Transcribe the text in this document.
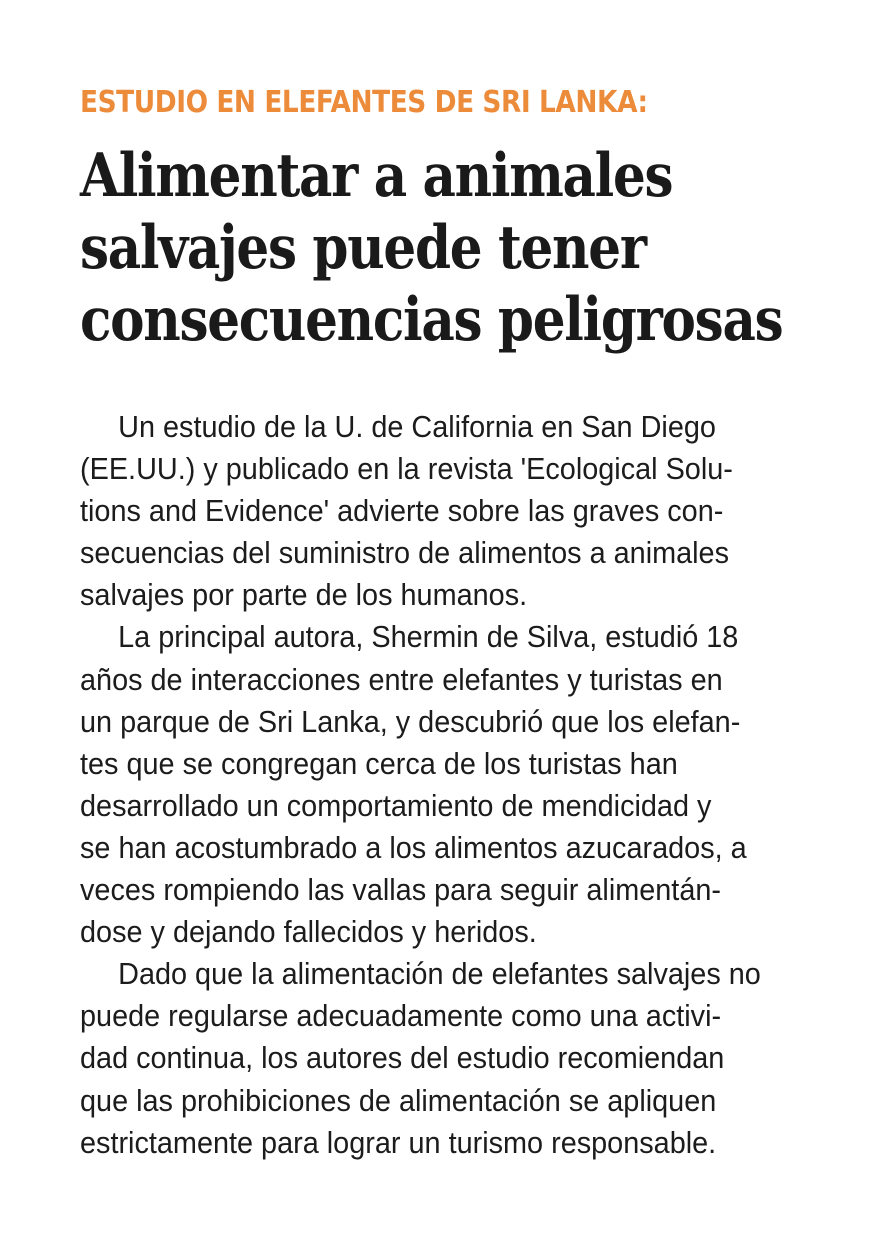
ESTUDIO EN ELEFANTES DE SRI LANKA:

Alimentar a animales
salvajes puede tener
consecuencias peligrosas
Un estudio de la U. de California en San Diego
(EE.UU.) y publicado en la revista 'Ecological Solu-
tions and Evidence' advierte sobre las graves con-
secuencias del suministro de alimentos a animales
salvajes por parte de los humanos.
La principal autora, Shermin de Silva, estudió 18
años de interacciones entre elefantes y turistas en
un parque de Sri Lanka, y descubrió que los elefan-
tes que se congregan cerca de los turistas han
desarrollado un comportamiento de mendicidad y
se han acostumbrado a los alimentos azucarados, a
veces rompiendo las vallas para seguir alimentán-
dose y dejando fallecidos y heridos.
Dado que la alimentación de elefantes salvajes no
puede regularse adecuadamente como una activi-
dad continua, los autores del estudio recomiendan
que las prohibiciones de alimentación se apliquen
estrictamente para lograr un turismo responsable.
